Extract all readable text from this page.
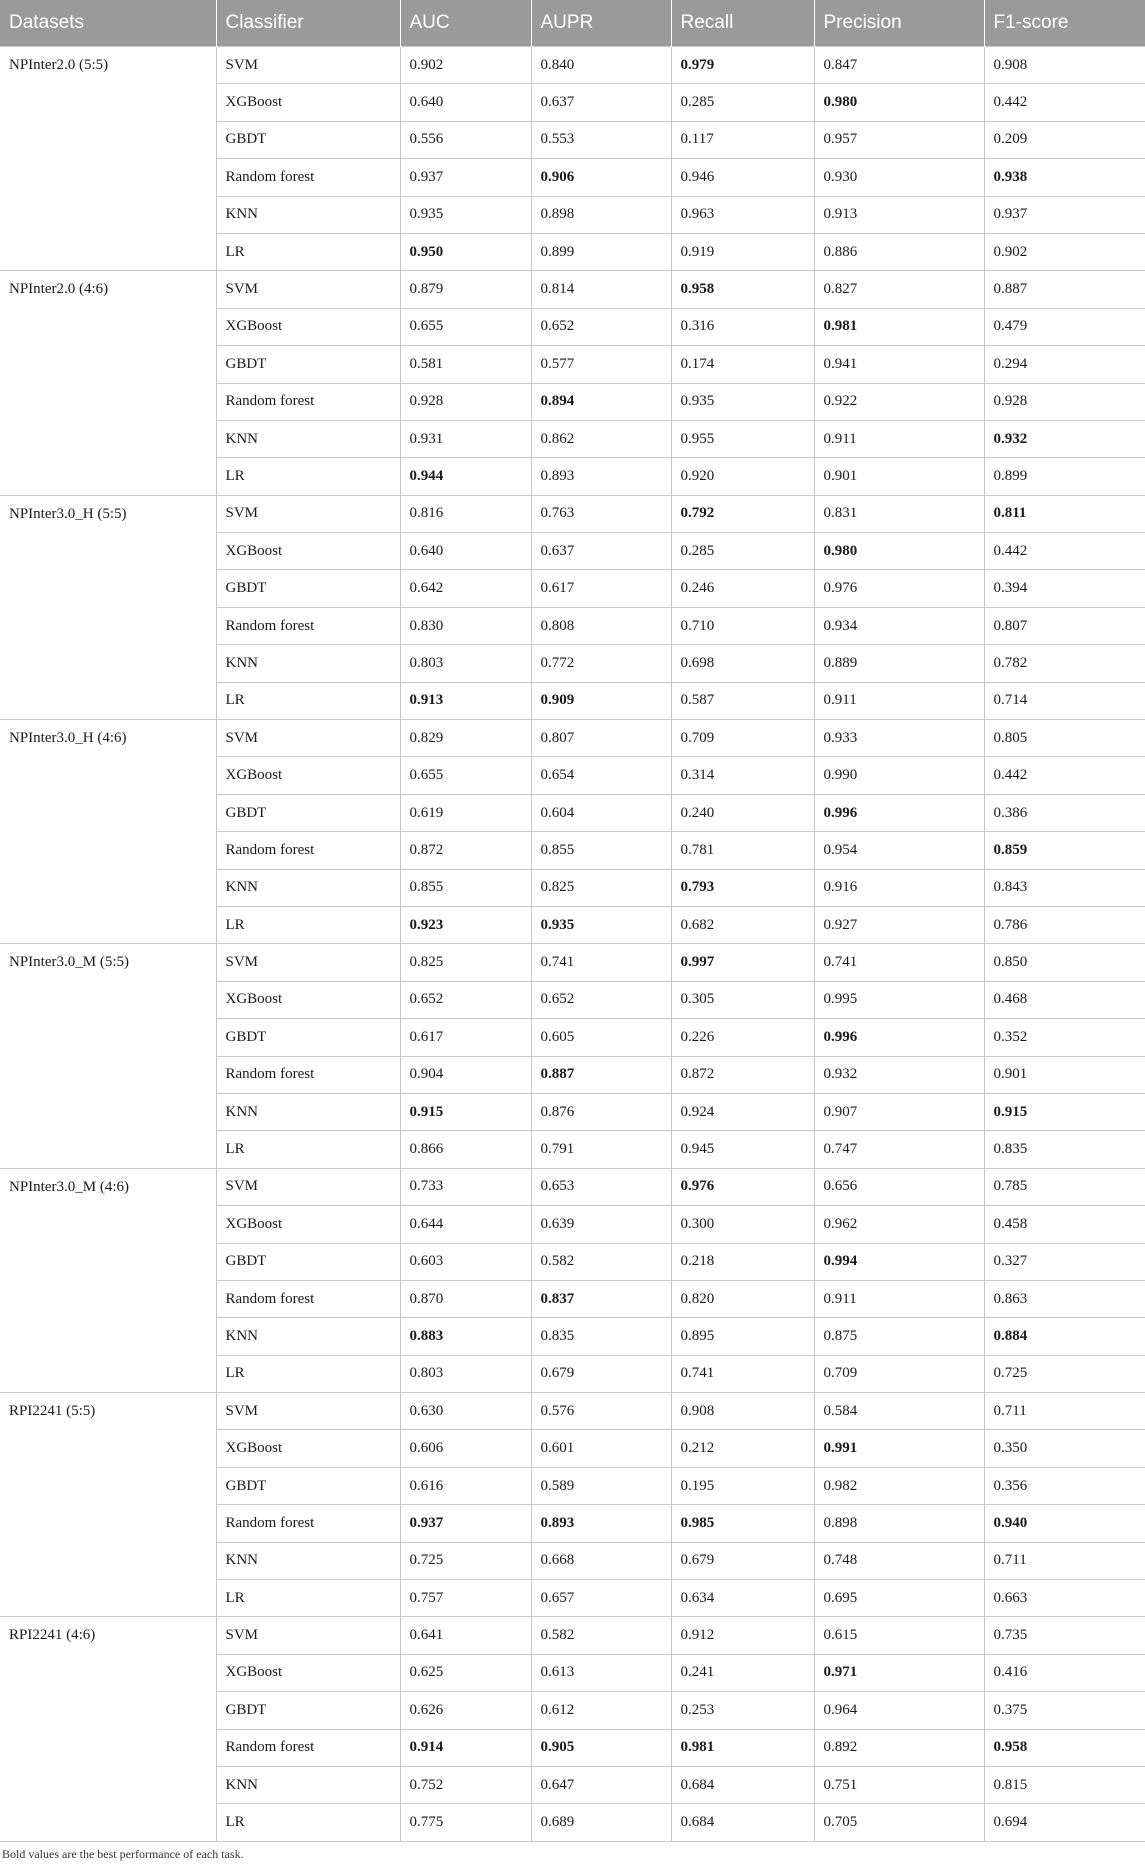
Datasets	Classifier	AUC	AUPR	Recall	Precision	F1-score
NPInter2.0 (5:5)	SVM	0.902	0.840	0.979	0.847	0.908
	XGBoost	0.640	0.637	0.285	0.980	0.442
	GBDT	0.556	0.553	0.117	0.957	0.209
	Random forest	0.937	0.906	0.946	0.930	0.938
	KNN	0.935	0.898	0.963	0.913	0.937
	LR	0.950	0.899	0.919	0.886	0.902
NPInter2.0 (4:6)	SVM	0.879	0.814	0.958	0.827	0.887
	XGBoost	0.655	0.652	0.316	0.981	0.479
	GBDT	0.581	0.577	0.174	0.941	0.294
	Random forest	0.928	0.894	0.935	0.922	0.928
	KNN	0.931	0.862	0.955	0.911	0.932
	LR	0.944	0.893	0.920	0.901	0.899
NPInter3.0_H (5:5)	SVM	0.816	0.763	0.792	0.831	0.811
	XGBoost	0.640	0.637	0.285	0.980	0.442
	GBDT	0.642	0.617	0.246	0.976	0.394
	Random forest	0.830	0.808	0.710	0.934	0.807
	KNN	0.803	0.772	0.698	0.889	0.782
	LR	0.913	0.909	0.587	0.911	0.714
NPInter3.0_H (4:6)	SVM	0.829	0.807	0.709	0.933	0.805
	XGBoost	0.655	0.654	0.314	0.990	0.442
	GBDT	0.619	0.604	0.240	0.996	0.386
	Random forest	0.872	0.855	0.781	0.954	0.859
	KNN	0.855	0.825	0.793	0.916	0.843
	LR	0.923	0.935	0.682	0.927	0.786
NPInter3.0_M (5:5)	SVM	0.825	0.741	0.997	0.741	0.850
	XGBoost	0.652	0.652	0.305	0.995	0.468
	GBDT	0.617	0.605	0.226	0.996	0.352
	Random forest	0.904	0.887	0.872	0.932	0.901
	KNN	0.915	0.876	0.924	0.907	0.915
	LR	0.866	0.791	0.945	0.747	0.835
NPInter3.0_M (4:6)	SVM	0.733	0.653	0.976	0.656	0.785
	XGBoost	0.644	0.639	0.300	0.962	0.458
	GBDT	0.603	0.582	0.218	0.994	0.327
	Random forest	0.870	0.837	0.820	0.911	0.863
	KNN	0.883	0.835	0.895	0.875	0.884
	LR	0.803	0.679	0.741	0.709	0.725
RPI2241 (5:5)	SVM	0.630	0.576	0.908	0.584	0.711
	XGBoost	0.606	0.601	0.212	0.991	0.350
	GBDT	0.616	0.589	0.195	0.982	0.356
	Random forest	0.937	0.893	0.985	0.898	0.940
	KNN	0.725	0.668	0.679	0.748	0.711
	LR	0.757	0.657	0.634	0.695	0.663
RPI2241 (4:6)	SVM	0.641	0.582	0.912	0.615	0.735
	XGBoost	0.625	0.613	0.241	0.971	0.416
	GBDT	0.626	0.612	0.253	0.964	0.375
	Random forest	0.914	0.905	0.981	0.892	0.958
	KNN	0.752	0.647	0.684	0.751	0.815
	LR	0.775	0.689	0.684	0.705	0.694
Bold values are the best performance of each task.
